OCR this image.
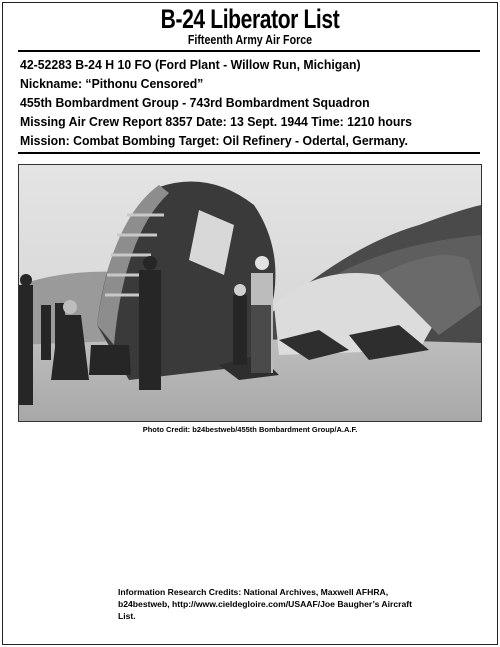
B-24 Liberator List
Fifteenth Army Air Force
42-52283 B-24 H 10 FO (Ford Plant - Willow Run, Michigan)
Nickname: “Pithonu Censored”
455th Bombardment Group - 743rd Bombardment Squadron
Missing Air Crew Report 8357 Date: 13 Sept. 1944 Time: 1210 hours
Mission: Combat Bombing Target: Oil Refinery - Odertal, Germany.
Photo Credit: b24bestweb/455th Bombardment Group/A.A.F.
Information Research Credits: National Archives, Maxwell AFHRA, b24bestweb, http://www.cieldegloire.com/USAAF/Joe Baugher’s Aircraft List.
